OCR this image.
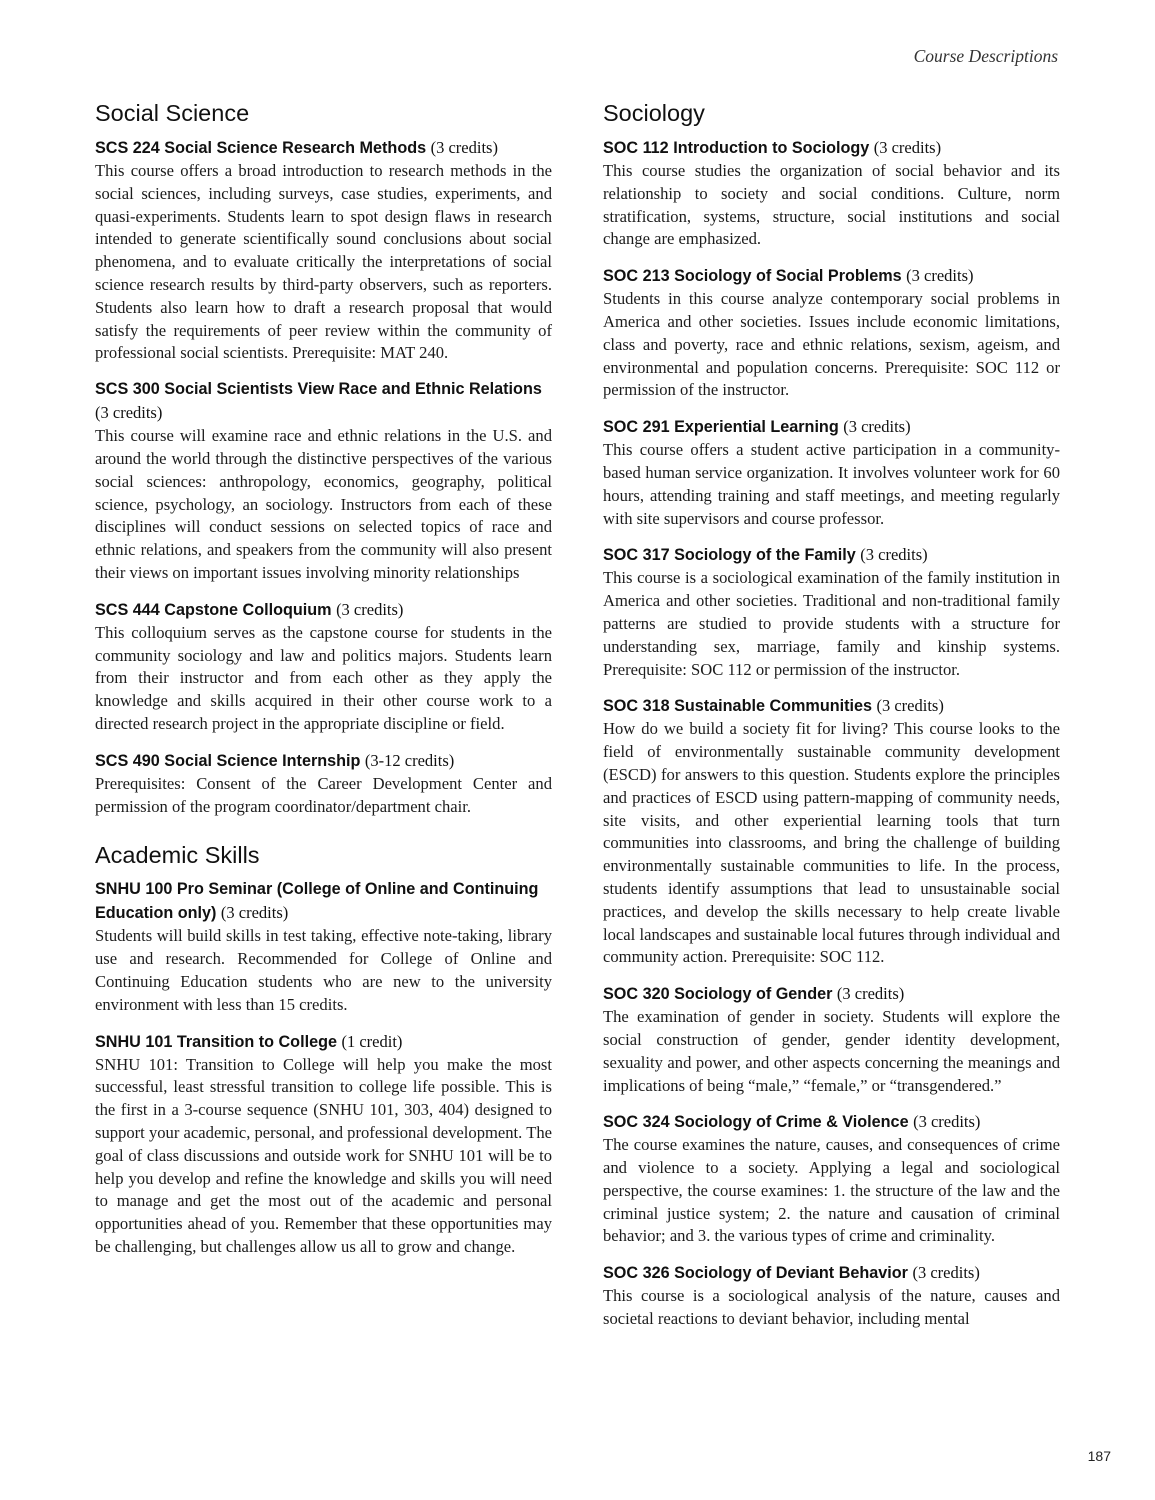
Course Descriptions
Social Science
SCS 224 Social Science Research Methods (3 credits)
This course offers a broad introduction to research methods in the social sciences, including surveys, case studies, experiments, and quasi-experiments. Students learn to spot design flaws in research intended to generate scientifically sound conclusions about social phenomena, and to evaluate critically the interpretations of social science research results by third-party observers, such as reporters. Students also learn how to draft a research proposal that would satisfy the requirements of peer review within the community of professional social scientists. Prerequisite: MAT 240.
SCS 300 Social Scientists View Race and Ethnic Relations (3 credits)
This course will examine race and ethnic relations in the U.S. and around the world through the distinctive perspectives of the various social sciences: anthropology, economics, geography, political science, psychology, an sociology. Instructors from each of these disciplines will conduct sessions on selected topics of race and ethnic relations, and speakers from the community will also present their views on important issues involving minority relationships
SCS 444 Capstone Colloquium (3 credits)
This colloquium serves as the capstone course for students in the community sociology and law and politics majors. Students learn from their instructor and from each other as they apply the knowledge and skills acquired in their other course work to a directed research project in the appropriate discipline or field.
SCS 490 Social Science Internship (3-12 credits)
Prerequisites: Consent of the Career Development Center and permission of the program coordinator/department chair.
Academic Skills
SNHU 100 Pro Seminar (College of Online and Continuing Education only) (3 credits)
Students will build skills in test taking, effective note-taking, library use and research. Recommended for College of Online and Continuing Education students who are new to the university environment with less than 15 credits.
SNHU 101 Transition to College (1 credit)
SNHU 101: Transition to College will help you make the most successful, least stressful transition to college life possible. This is the first in a 3-course sequence (SNHU 101, 303, 404) designed to support your academic, personal, and professional development. The goal of class discussions and outside work for SNHU 101 will be to help you develop and refine the knowledge and skills you will need to manage and get the most out of the academic and personal opportunities ahead of you. Remember that these opportunities may be challenging, but challenges allow us all to grow and change.
Sociology
SOC 112 Introduction to Sociology (3 credits)
This course studies the organization of social behavior and its relationship to society and social conditions. Culture, norm stratification, systems, structure, social institutions and social change are emphasized.
SOC 213 Sociology of Social Problems (3 credits)
Students in this course analyze contemporary social problems in America and other societies. Issues include economic limitations, class and poverty, race and ethnic relations, sexism, ageism, and environmental and population concerns. Prerequisite: SOC 112 or permission of the instructor.
SOC 291 Experiential Learning (3 credits)
This course offers a student active participation in a community-based human service organization. It involves volunteer work for 60 hours, attending training and staff meetings, and meeting regularly with site supervisors and course professor.
SOC 317 Sociology of the Family (3 credits)
This course is a sociological examination of the family institution in America and other societies. Traditional and non-traditional family patterns are studied to provide students with a structure for understanding sex, marriage, family and kinship systems. Prerequisite: SOC 112 or permission of the instructor.
SOC 318 Sustainable Communities (3 credits)
How do we build a society fit for living? This course looks to the field of environmentally sustainable community development (ESCD) for answers to this question. Students explore the principles and practices of ESCD using pattern-mapping of community needs, site visits, and other experiential learning tools that turn communities into classrooms, and bring the challenge of building environmentally sustainable communities to life. In the process, students identify assumptions that lead to unsustainable social practices, and develop the skills necessary to help create livable local landscapes and sustainable local futures through individual and community action. Prerequisite: SOC 112.
SOC 320 Sociology of Gender (3 credits)
The examination of gender in society. Students will explore the social construction of gender, gender identity development, sexuality and power, and other aspects concerning the meanings and implications of being “male,” “female,” or “transgendered.”
SOC 324 Sociology of Crime & Violence (3 credits)
The course examines the nature, causes, and consequences of crime and violence to a society. Applying a legal and sociological perspective, the course examines: 1. the structure of the law and the criminal justice system; 2. the nature and causation of criminal behavior; and 3. the various types of crime and criminality.
SOC 326 Sociology of Deviant Behavior (3 credits)
This course is a sociological analysis of the nature, causes and societal reactions to deviant behavior, including mental
187
